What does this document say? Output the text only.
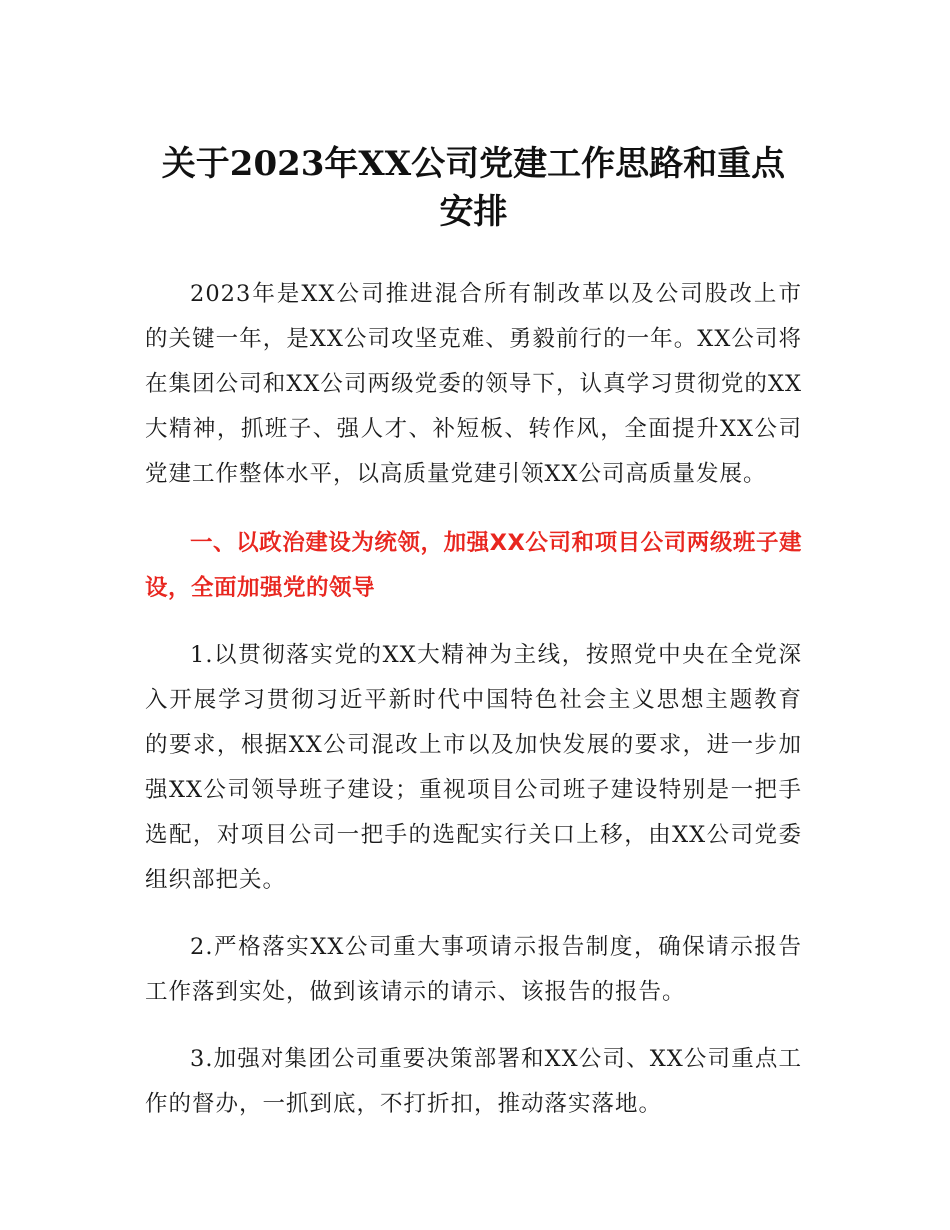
关于2023年XX公司党建工作思路和重点安排

2023年是XX公司推进混合所有制改革以及公司股改上市的关键一年，是XX公司攻坚克难、勇毅前行的一年。XX公司将在集团公司和XX公司两级党委的领导下，认真学习贯彻党的XX大精神，抓班子、强人才、补短板、转作风，全面提升XX公司党建工作整体水平，以高质量党建引领XX公司高质量发展。

一、以政治建设为统领，加强XX公司和项目公司两级班子建设，全面加强党的领导

1.以贯彻落实党的XX大精神为主线，按照党中央在全党深入开展学习贯彻习近平新时代中国特色社会主义思想主题教育的要求，根据XX公司混改上市以及加快发展的要求，进一步加强XX公司领导班子建设；重视项目公司班子建设特别是一把手选配，对项目公司一把手的选配实行关口上移，由XX公司党委组织部把关。

2.严格落实XX公司重大事项请示报告制度，确保请示报告工作落到实处，做到该请示的请示、该报告的报告。

3.加强对集团公司重要决策部署和XX公司、XX公司重点工作的督办，一抓到底，不打折扣，推动落实落地。
